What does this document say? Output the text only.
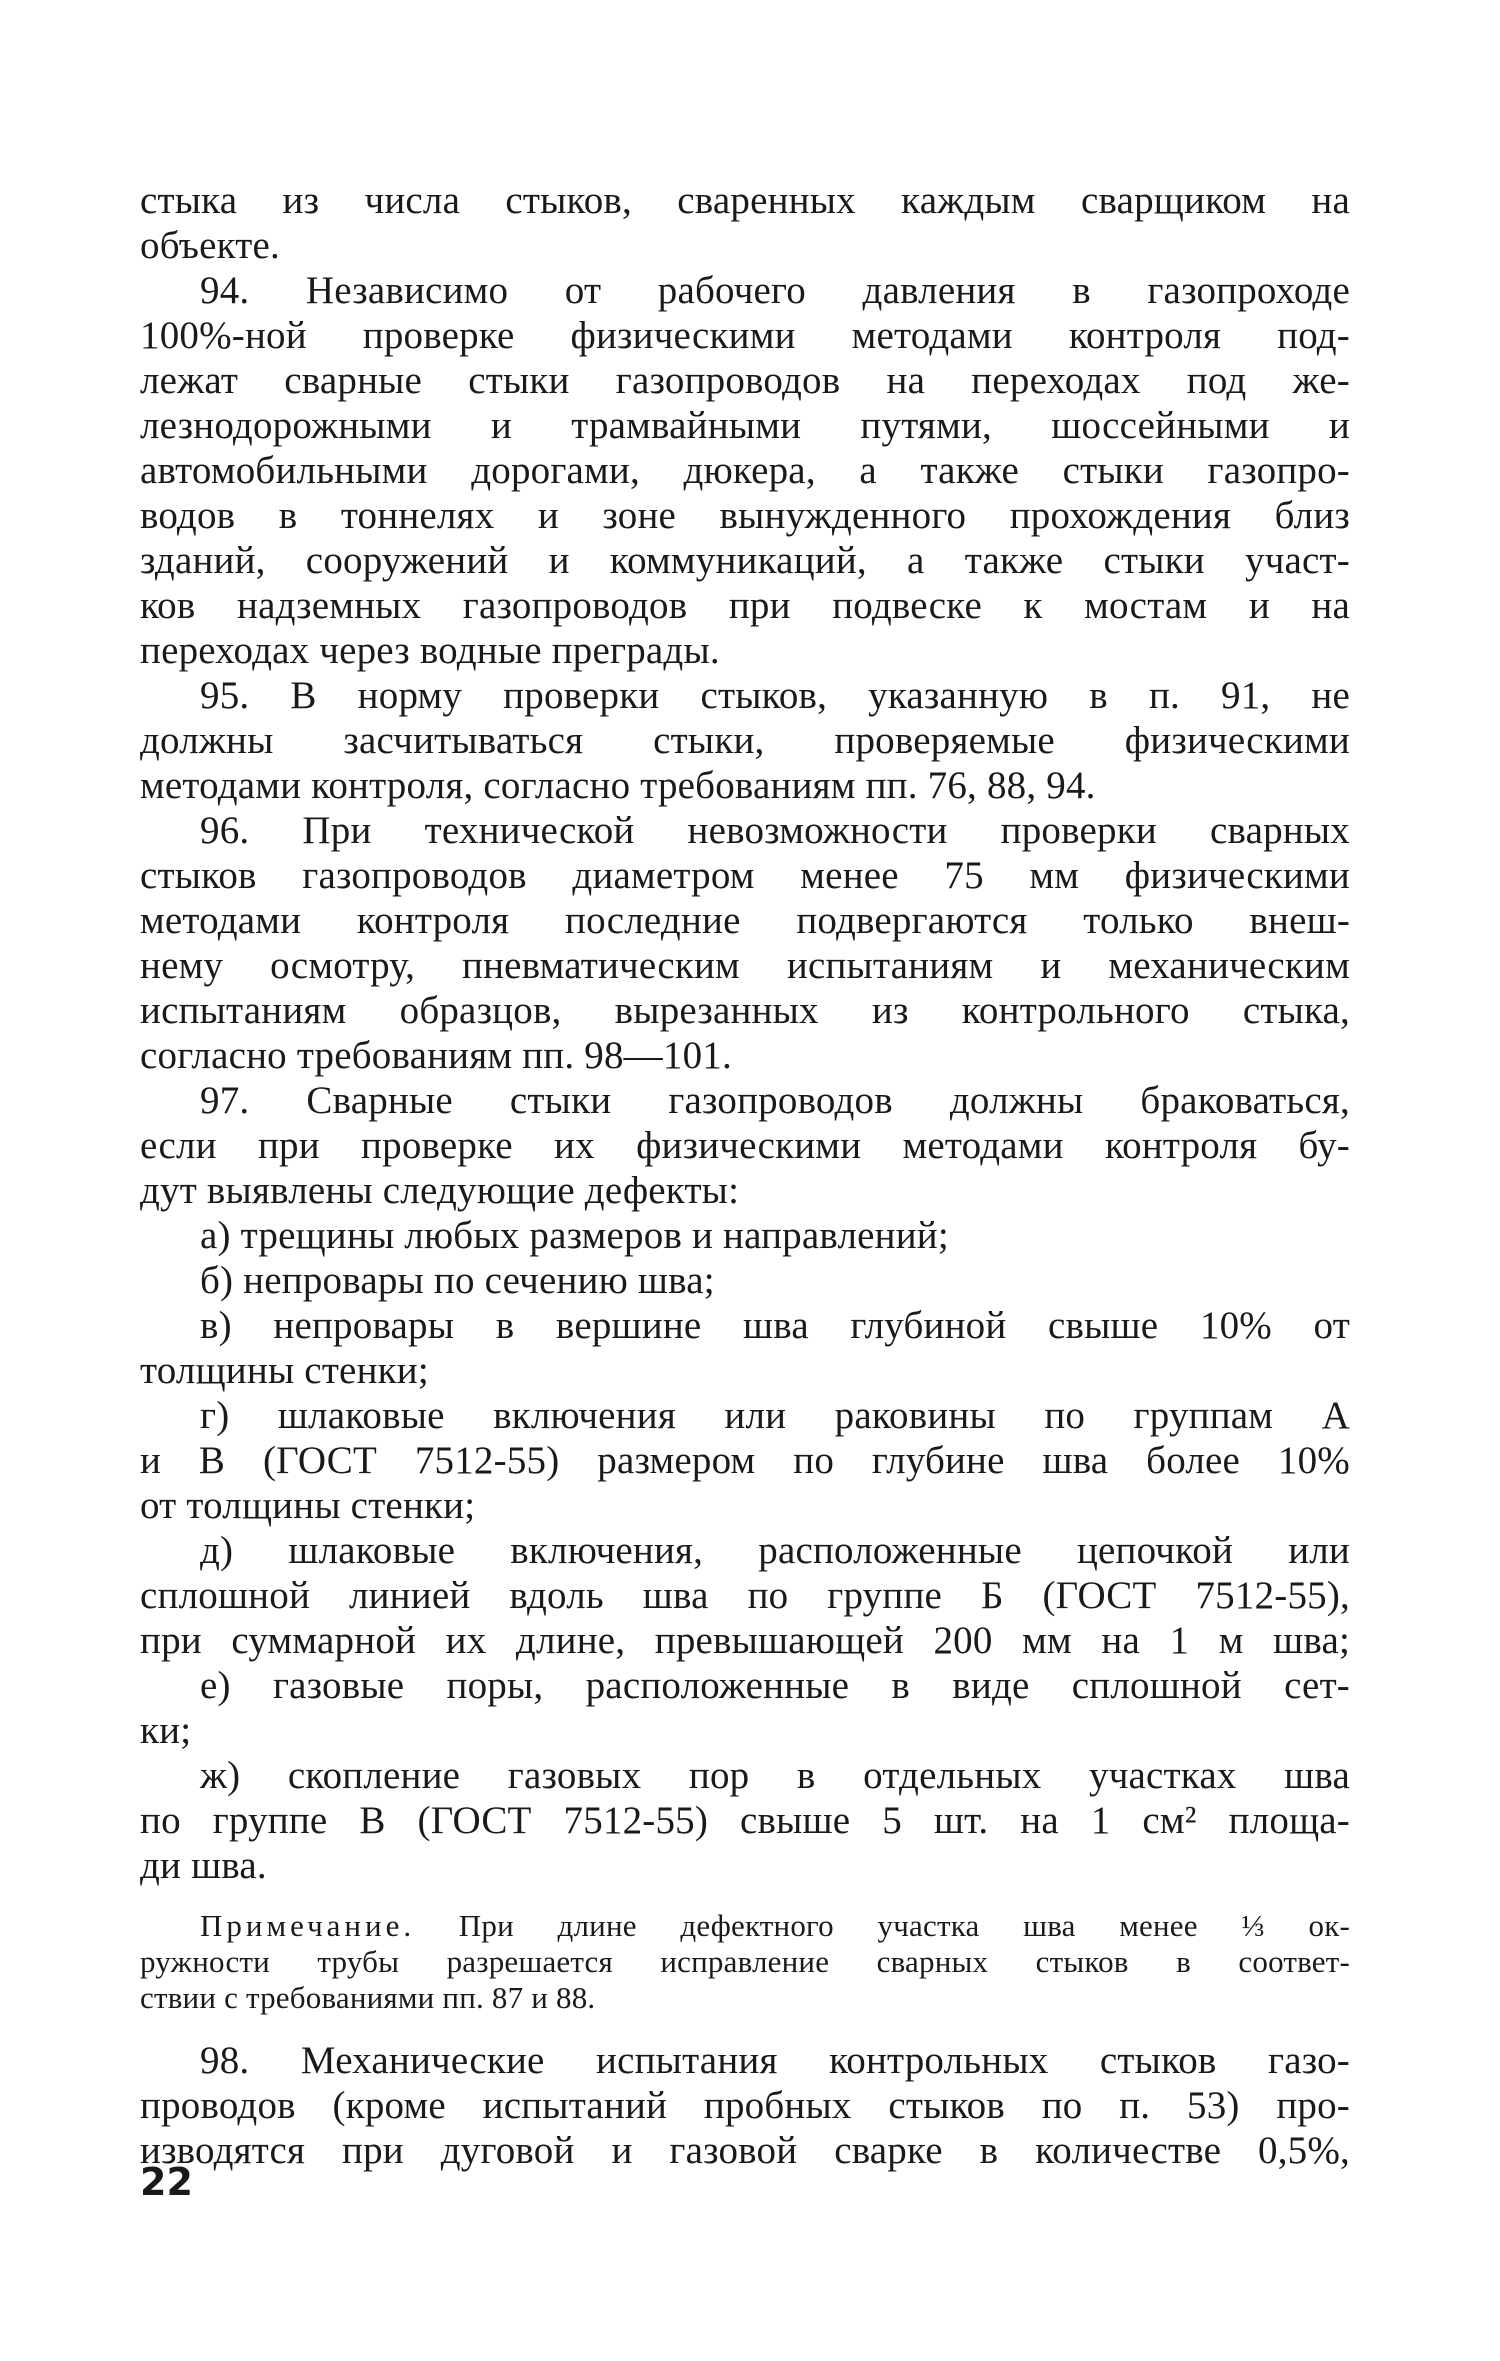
стыка из числа стыков, сваренных каждым сварщиком на
объекте.
94. Независимо от рабочего давления в газопроходе
100%-ной проверке физическими методами контроля под-
лежат сварные стыки газопроводов на переходах под же-
лезнодорожными и трамвайными путями, шоссейными и
автомобильными дорогами, дюкера, а также стыки газопро-
водов в тоннелях и зоне вынужденного прохождения близ
зданий, сооружений и коммуникаций, а также стыки участ-
ков надземных газопроводов при подвеске к мостам и на
переходах через водные преграды.
95. В норму проверки стыков, указанную в п. 91, не
должны засчитываться стыки, проверяемые физическими
методами контроля, согласно требованиям пп. 76, 88, 94.
96. При технической невозможности проверки сварных
стыков газопроводов диаметром менее 75 мм физическими
методами контроля последние подвергаются только внеш-
нему осмотру, пневматическим испытаниям и механическим
испытаниям образцов, вырезанных из контрольного стыка,
согласно требованиям пп. 98—101.
97. Сварные стыки газопроводов должны браковаться,
если при проверке их физическими методами контроля бу-
дут выявлены следующие дефекты:
а) трещины любых размеров и направлений;
б) непровары по сечению шва;
в) непровары в вершине шва глубиной свыше 10% от
толщины стенки;
г) шлаковые включения или раковины по группам А
и В (ГОСТ 7512-55) размером по глубине шва более 10%
от толщины стенки;
д) шлаковые включения, расположенные цепочкой или
сплошной линией вдоль шва по группе Б (ГОСТ 7512-55),
при суммарной их длине, превышающей 200 мм на 1 м шва;
е) газовые поры, расположенные в виде сплошной сет-
ки;
ж) скопление газовых пор в отдельных участках шва
по группе В (ГОСТ 7512-55) свыше 5 шт. на 1 см² площа-
ди шва.
Примечание. При длине дефектного участка шва менее ⅓ ок-
ружности трубы разрешается исправление сварных стыков в соответ-
ствии с требованиями пп. 87 и 88.
98. Механические испытания контрольных стыков газо-
проводов (кроме испытаний пробных стыков по п. 53) про-
изводятся при дуговой и газовой сварке в количестве 0,5%,
22
